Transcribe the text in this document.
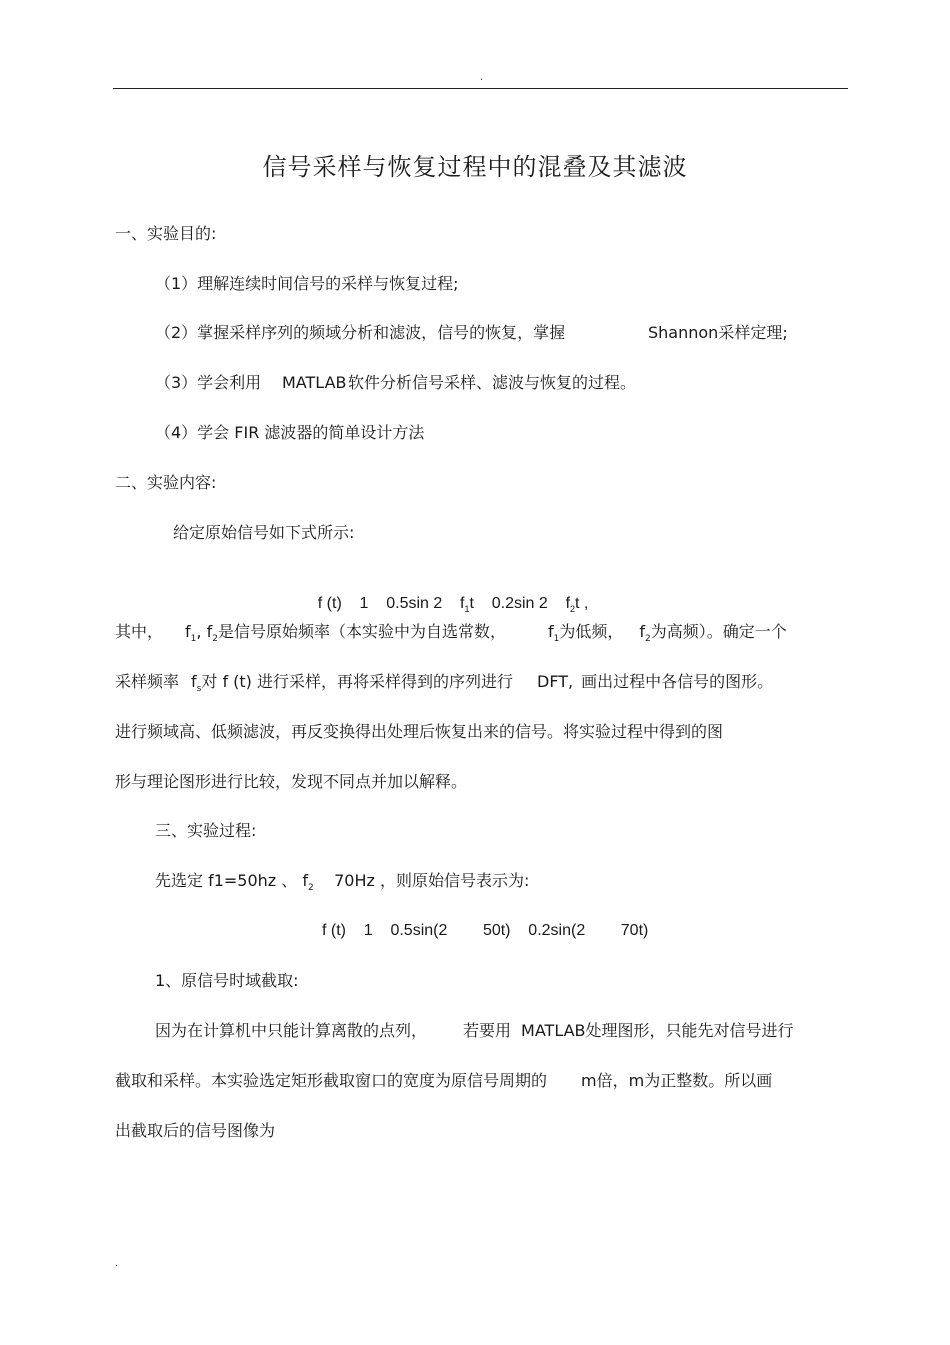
.
信号采样与恢复过程中的混叠及其滤波
一、实验目的:
（1）理解连续时间信号的采样与恢复过程;
（2）掌握采样序列的频域分析和滤波，信号的恢复，掌握	Shannon采样定理;
（3）学会利用 MATLAB 软件分析信号采样、滤波与恢复的过程。
（4）学会 FIR 滤波器的简单设计方法
二、实验内容:
给定原始信号如下式所示:

f (t)    1    0.5sin 2    $f_1t$    0.2sin 2    $f_2t$ ,

其中， $f_1$, $f_2$是信号原始频率（本实验中为自选常数，	$f_1$为低频， $f_2$为高频）。确定一个
采样频率 $f_s$对 f (t) 进行采样，再将采样得到的序列进行 DFT, 画出过程中各信号的图形。
进行频域高、低频滤波，再反变换得出处理后恢复出来的信号。将实验过程中得到的图
形与理论图形进行比较，发现不同点并加以解释。
三、实验过程:
先选定 f1=50hz 、 $f_2$    70Hz ，则原始信号表示为:
f (t)    1    0.5sin(2        50t)    0.2sin(2        70t)
1、原信号时域截取:
因为在计算机中只能计算离散的点列， 若要用 MATLAB处理图形，只能先对信号进行
截取和采样。本实验选定矩形截取窗口的宽度为原信号周期的 m倍，m为正整数。所以画
出截取后的信号图像为
.
